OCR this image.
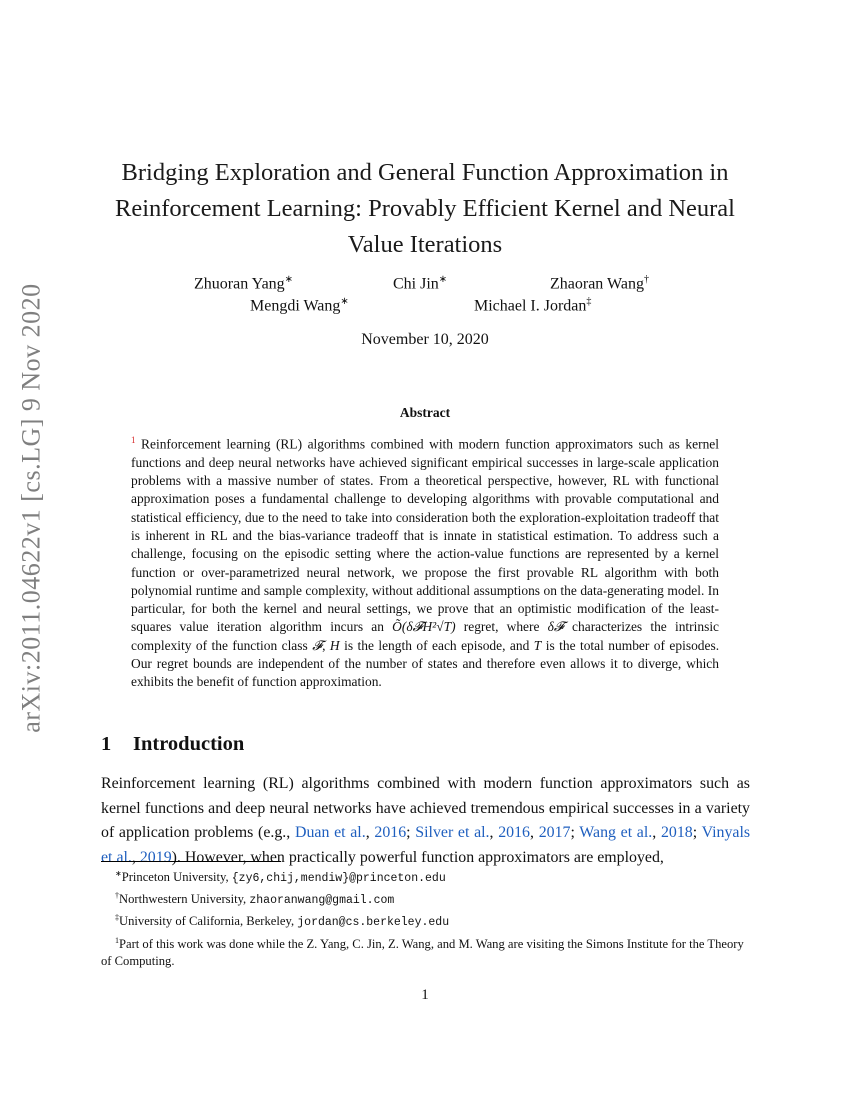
arXiv:2011.04622v1 [cs.LG] 9 Nov 2020
Bridging Exploration and General Function Approximation in
Reinforcement Learning: Provably Efficient Kernel and Neural
Value Iterations
Zhuoran Yang∗	Chi Jin∗	Zhaoran Wang†
Mengdi Wang∗	Michael I. Jordan‡
November 10, 2020
Abstract
$^1$ Reinforcement learning (RL) algorithms combined with modern function approximators such as kernel functions and deep neural networks have achieved significant empirical successes in large-scale application problems with a massive number of states. From a theoretical perspective, however, RL with functional approximation poses a fundamental challenge to developing algorithms with provable computational and statistical efficiency, due to the need to take into consideration both the exploration-exploitation tradeoff that is inherent in RL and the bias-variance tradeoff that is innate in statistical estimation. To address such a challenge, focusing on the episodic setting where the action-value functions are represented by a kernel function or over-parametrized neural network, we propose the first provable RL algorithm with both polynomial runtime and sample complexity, without additional assumptions on the data-generating model. In particular, for both the kernel and neural settings, we prove that an optimistic modification of the least-squares value iteration algorithm incurs an Õ(δ𝓕H²√T) regret, where δ𝓕 characterizes the intrinsic complexity of the function class 𝓕, H is the length of each episode, and T is the total number of episodes. Our regret bounds are independent of the number of states and therefore even allows it to diverge, which exhibits the benefit of function approximation.
1 Introduction
Reinforcement learning (RL) algorithms combined with modern function approximators such as kernel functions and deep neural networks have achieved tremendous empirical successes in a variety of application problems (e.g., Duan et al., 2016; Silver et al., 2016, 2017; Wang et al., 2018; Vinyals et al., 2019). However, when practically powerful function approximators are employed,
∗Princeton University, {zy6,chij,mendiw}@princeton.edu
†Northwestern University, zhaoranwang@gmail.com
‡University of California, Berkeley, jordan@cs.berkeley.edu
$^1$Part of this work was done while the Z. Yang, C. Jin, Z. Wang, and M. Wang are visiting the Simons Institute for the Theory of Computing.
1
